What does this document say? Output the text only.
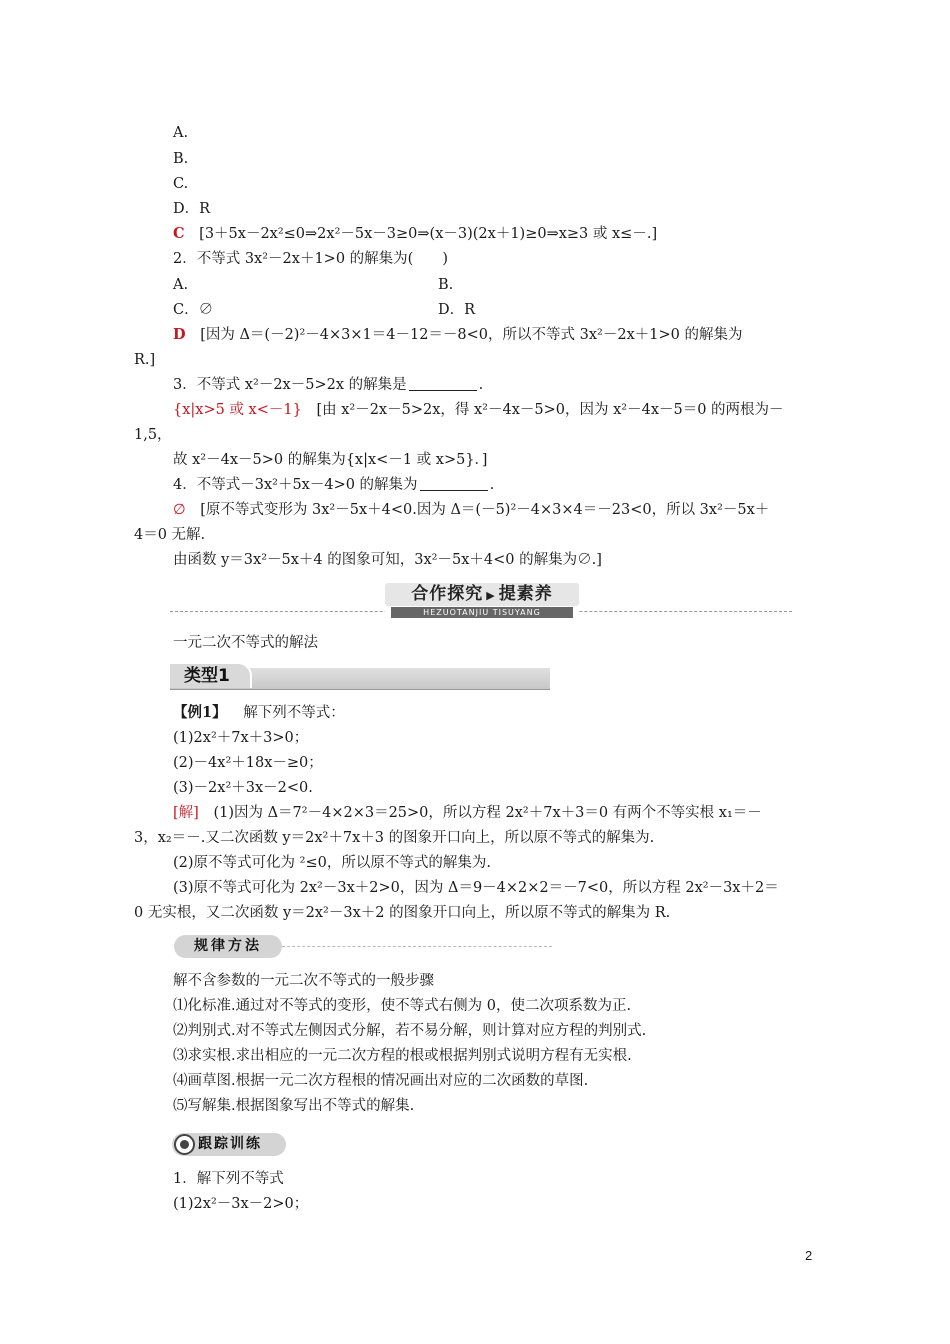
A.
B.
C.
D．R
C [3＋5x－2x²≤0⇒2x²－5x－3≥0⇒(x－3)(2x＋1)≥0⇒x≥3 或 x≤－.]
2．不等式 3x²－2x＋1>0 的解集为(　　)
A.	B.
C．∅	D．R
D [因为 Δ＝(－2)²－4×3×1＝4－12＝－8<0，所以不等式 3x²－2x＋1>0 的解集为
R.]
3．不等式 x²－2x－5>2x 的解集是	.
{x|x>5 或 x<－1} [由 x²－2x－5>2x，得 x²－4x－5>0，因为 x²－4x－5＝0 的两根为－
1,5，
故 x²－4x－5>0 的解集为{x|x<－1 或 x>5}．]
4．不等式－3x²＋5x－4>0 的解集为	.
∅ [原不等式变形为 3x²－5x＋4<0.因为 Δ＝(－5)²－4×3×4＝－23<0，所以 3x²－5x＋
4＝0 无解.
由函数 y＝3x²－5x＋4 的图象可知，3x²－5x＋4<0 的解集为∅.]
合作探究 ▶ 提素养
HEZUOTANJIU TISUYANG
一元二次不等式的解法
类型1
【例1】 解下列不等式：
(1)2x²＋7x＋3>0；
(2)－4x²＋18x－≥0；
(3)－2x²＋3x－2<0.
[解] (1)因为 Δ＝7²－4×2×3＝25>0，所以方程 2x²＋7x＋3＝0 有两个不等实根 x₁＝－
3，x₂＝－.又二次函数 y＝2x²＋7x＋3 的图象开口向上，所以原不等式的解集为.
(2)原不等式可化为 ²≤0，所以原不等式的解集为.
(3)原不等式可化为 2x²－3x＋2>0，因为 Δ＝9－4×2×2＝－7<0，所以方程 2x²－3x＋2＝
0 无实根，又二次函数 y＝2x²－3x＋2 的图象开口向上，所以原不等式的解集为 R.
规律方法
解不含参数的一元二次不等式的一般步骤
⑴化标准.通过对不等式的变形，使不等式右侧为 0，使二次项系数为正.
⑵判别式.对不等式左侧因式分解，若不易分解，则计算对应方程的判别式.
⑶求实根.求出相应的一元二次方程的根或根据判别式说明方程有无实根.
⑷画草图.根据一元二次方程根的情况画出对应的二次函数的草图.
⑸写解集.根据图象写出不等式的解集.
跟踪训练
1．解下列不等式
(1)2x²－3x－2>0；
2
